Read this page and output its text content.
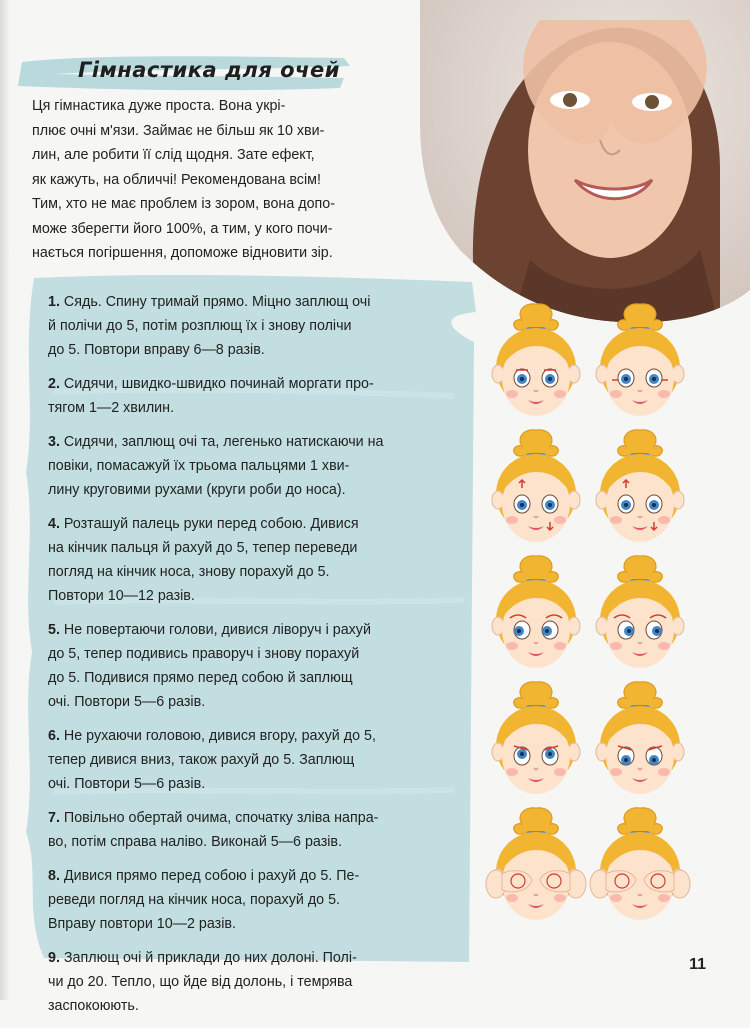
Гімнастика для очей

Ця гімнастика дуже проста. Вона укрі-

плює очні м'язи. Займає не більш як 10 хви-

лин, але робити її слід щодня. Зате ефект,

як кажуть, на обличчі! Рекомендована всім!

Тим, хто не має проблем із зором, вона допо-

може зберегти його 100%, а тим, у кого почи-

нається погіршення, допоможе відновити зір.

1. Сядь. Спину тримай прямо. Міцно заплющ очі
й полічи до 5, потім розплющ їх і знову полічи
до 5. Повтори вправу 6—8 разів.
2. Сидячи, швидко-швидко починай моргати про-
тягом 1—2 хвилин.
3. Сидячи, заплющ очі та, легенько натискаючи на
повіки, помасажуй їх трьома пальцями 1 хви-
лину круговими рухами (круги роби до носа).
4. Розташуй палець руки перед собою. Дивися
на кінчик пальця й рахуй до 5, тепер переведи
погляд на кінчик носа, знову порахуй до 5.
Повтори 10—12 разів.
5. Не повертаючи голови, дивися ліворуч і рахуй
до 5, тепер подивись праворуч і знову порахуй
до 5. Подивися прямо перед собою й заплющ
очі. Повтори 5—6 разів.
6. Не рухаючи головою, дивися вгору, рахуй до 5,
тепер дивися вниз, також рахуй до 5. Заплющ
очі. Повтори 5—6 разів.
7. Повільно обертай очима, спочатку зліва напра-
во, потім справа наліво. Виконай 5—6 разів.
8. Дивися прямо перед собою і рахуй до 5. Пе-
реведи погляд на кінчик носа, порахуй до 5.
Вправу повтори 10—2 разів.
9. Заплющ очі й приклади до них долоні. Полі-
чи до 20. Тепло, що йде від долонь, і темрява
заспокоюють.
11
